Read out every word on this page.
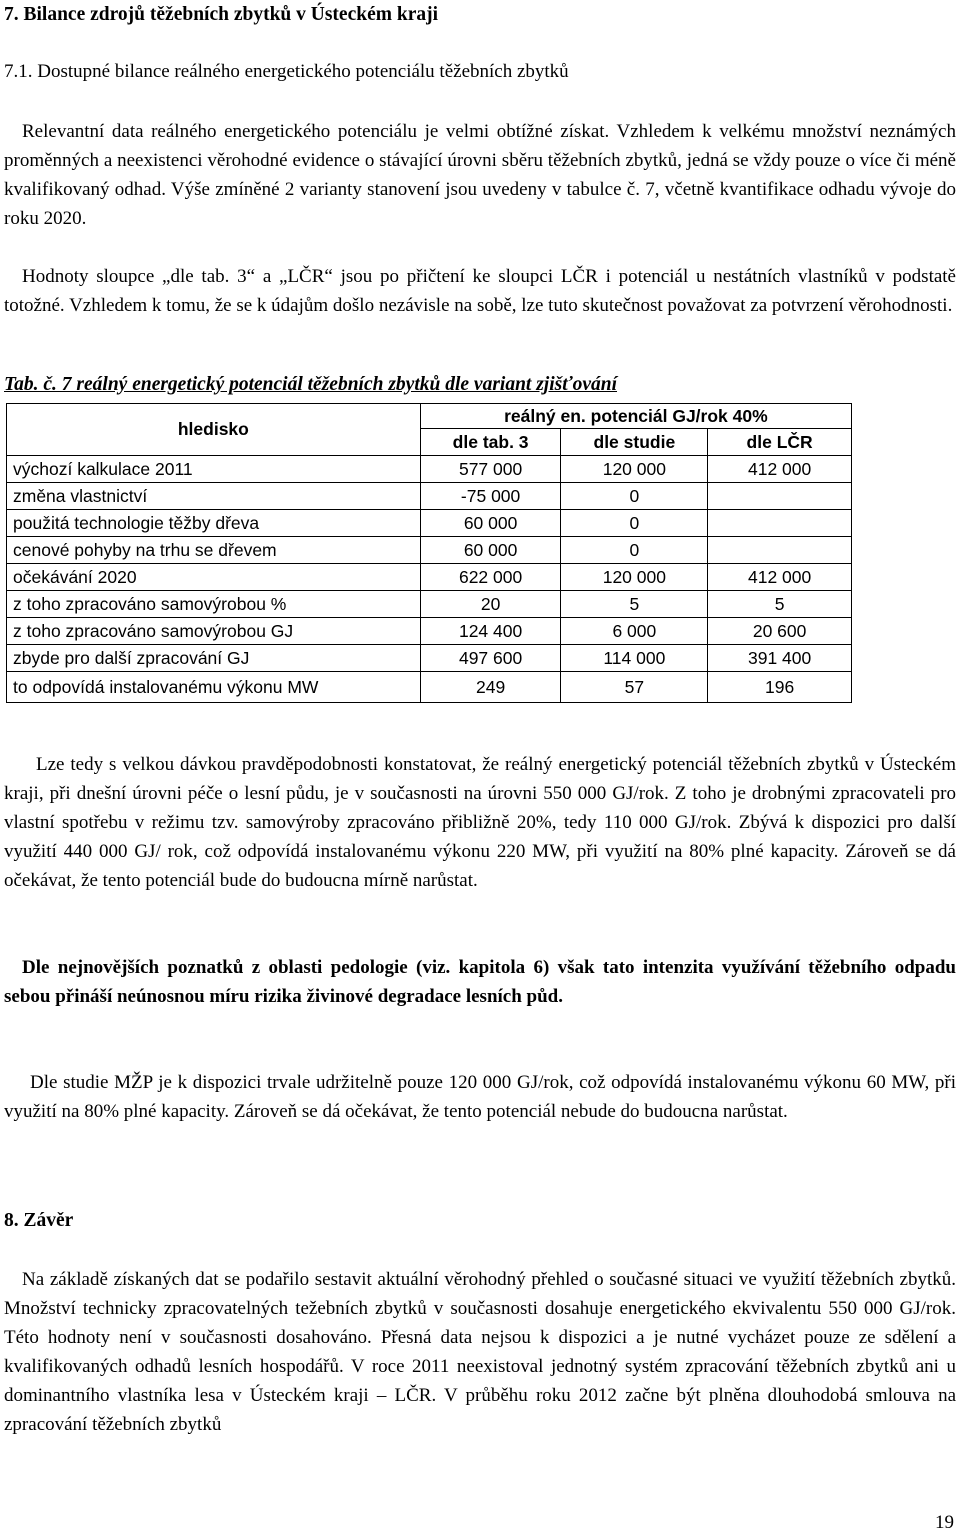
7. Bilance zdrojů těžebních zbytků v Ústeckém kraji
7.1. Dostupné bilance reálného energetického potenciálu těžebních zbytků
Relevantní data reálného energetického potenciálu je velmi obtížné získat. Vzhledem k velkému množství neznámých proměnných a neexistenci věrohodné evidence o stávající úrovni sběru těžebních zbytků, jedná se vždy pouze o více či méně kvalifikovaný odhad. Výše zmíněné 2 varianty stanovení jsou uvedeny v tabulce č. 7, včetně kvantifikace odhadu vývoje do roku 2020.
Hodnoty sloupce „dle tab. 3“ a „LČR“ jsou po přičtení ke sloupci LČR i potenciál u nestátních vlastníků v podstatě totožné. Vzhledem k tomu, že se k údajům došlo nezávisle na sobě, lze tuto skutečnost považovat za potvrzení věrohodnosti.
Tab. č. 7 reálný energetický potenciál těžebních zbytků dle variant zjišťování
hledisko	reálný en. potenciál GJ/rok 40%		
	dle tab. 3	dle studie	dle LČR
výchozí kalkulace 2011	577 000	120 000	412 000
změna vlastnictví	-75 000	0	
použitá technologie těžby dřeva	60 000	0	
cenové pohyby na trhu se dřevem	60 000	0	
očekávání 2020	622 000	120 000	412 000
z toho zpracováno samovýrobou %	20	5	5
z toho zpracováno samovýrobou GJ	124 400	6 000	20 600
zbyde pro další zpracování GJ	497 600	114 000	391 400
to odpovídá instalovanému výkonu MW	249	57	196
Lze tedy s velkou dávkou pravděpodobnosti konstatovat, že reálný energetický potenciál těžebních zbytků v Ústeckém kraji, při dnešní úrovni péče o lesní půdu, je v současnosti na úrovni 550 000 GJ/rok. Z toho je drobnými zpracovateli pro vlastní spotřebu v režimu tzv. samovýroby zpracováno přibližně 20%, tedy 110 000 GJ/rok. Zbývá k dispozici pro další využití 440 000 GJ/ rok, což odpovídá instalovanému výkonu 220 MW, při využití na 80% plné kapacity. Zároveň se dá očekávat, že tento potenciál bude do budoucna mírně narůstat.
Dle nejnovějších poznatků z oblasti pedologie (viz. kapitola 6) však tato intenzita využívání těžebního odpadu sebou přináší neúnosnou míru rizika živinové degradace lesních půd.
Dle studie MŽP je k dispozici trvale udržitelně pouze 120 000 GJ/rok, což odpovídá instalovanému výkonu 60 MW, při využití na 80% plné kapacity. Zároveň se dá očekávat, že tento potenciál nebude do budoucna narůstat.
8. Závěr
Na základě získaných dat se podařilo sestavit aktuální věrohodný přehled o současné situaci ve využití těžebních zbytků. Množství technicky zpracovatelných težebních zbytků v současnosti dosahuje energetického ekvivalentu 550 000 GJ/rok. Této hodnoty není v současnosti dosahováno. Přesná data nejsou k dispozici a je nutné vycházet pouze ze sdělení a kvalifikovaných odhadů lesních hospodářů. V roce 2011 neexistoval jednotný systém zpracování těžebních zbytků ani u dominantního vlastníka lesa v Ústeckém kraji – LČR. V průběhu roku 2012 začne být plněna dlouhodobá smlouva na zpracování těžebních zbytků
19
